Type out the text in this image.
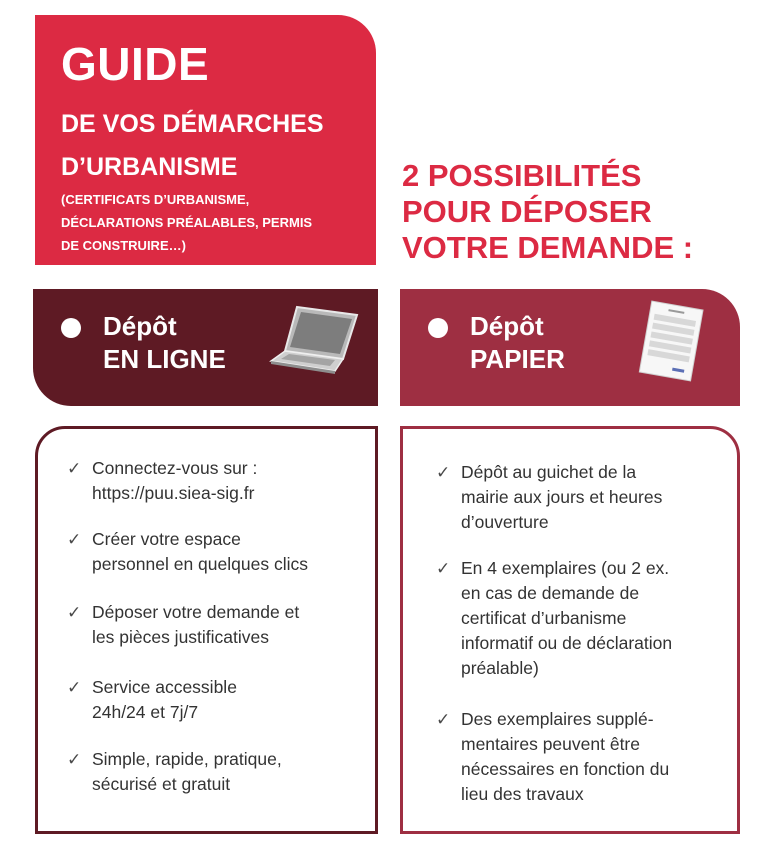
GUIDE
DE VOS DÉMARCHES
D’URBANISME
(CERTIFICATS D’URBANISME,
DÉCLARATIONS PRÉALABLES, PERMIS
DE CONSTRUIRE…)
2 POSSIBILITÉS
POUR DÉPOSER
VOTRE DEMANDE :
Dépôt
EN LIGNE
Dépôt
PAPIER
✓ Connectez-vous sur :
https://puu.siea-sig.fr
✓ Créer votre espace
personnel en quelques clics
✓ Déposer votre demande et
les pièces justificatives
✓ Service accessible
24h/24 et 7j/7
✓ Simple, rapide, pratique,
sécurisé et gratuit
✓ Dépôt au guichet de la
mairie aux jours et heures
d’ouverture
✓ En 4 exemplaires (ou 2 ex.
en cas de demande de
certificat d’urbanisme
informatif ou de déclaration
préalable)
✓ Des exemplaires supplé-
mentaires peuvent être
nécessaires en fonction du
lieu des travaux
